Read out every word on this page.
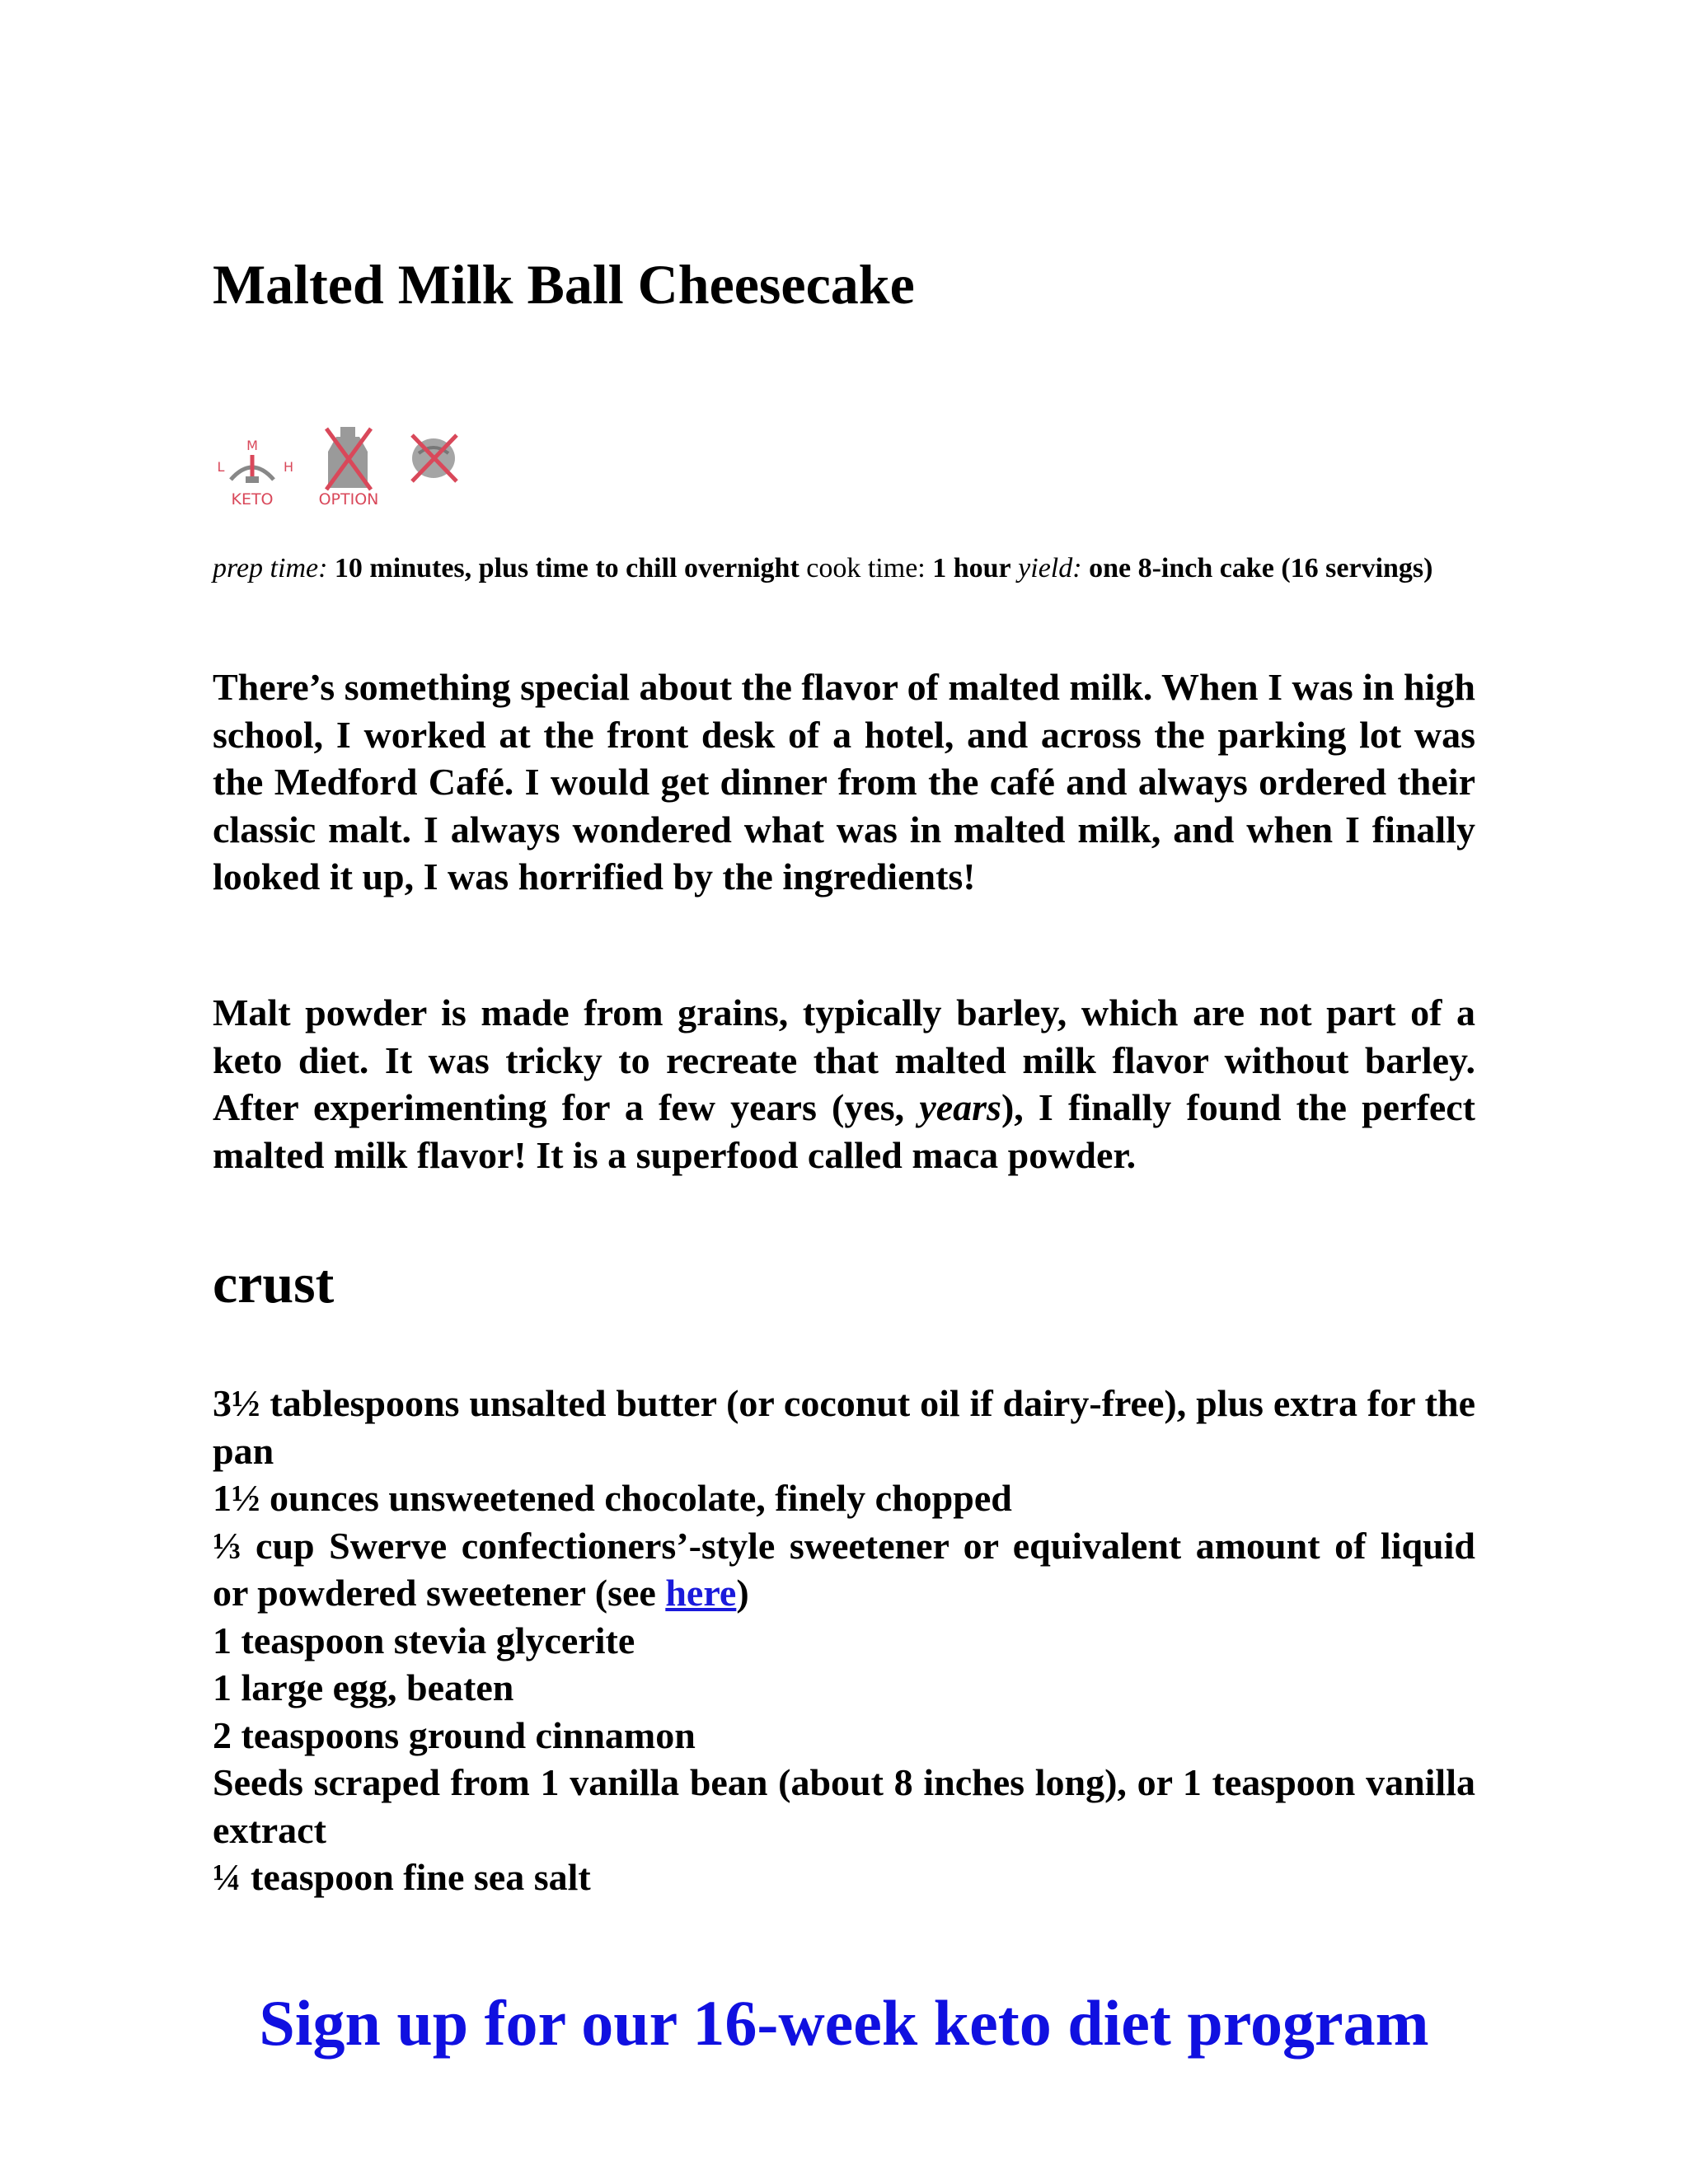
Malted Milk Ball Cheesecake
M
L	H
KETO	OPTION
prep time: 10 minutes, plus time to chill overnight cook time: 1 hour yield: one 8-inch cake (16 servings)

There’s something special about the flavor of malted milk. When I was in high school, I worked at the front desk of a hotel, and across the parking lot was the Medford Café. I would get dinner from the café and always ordered their classic malt. I always wondered what was in malted milk, and when I finally looked it up, I was horrified by the ingredients!

Malt powder is made from grains, typically barley, which are not part of a keto diet. It was tricky to recreate that malted milk flavor without barley. After experimenting for a few years (yes, years), I finally found the perfect malted milk flavor! It is a superfood called maca powder.

crust
3½ tablespoons unsalted butter (or coconut oil if dairy-free), plus extra for the pan
1½ ounces unsweetened chocolate, finely chopped
⅓ cup Swerve confectioners’-style sweetener or equivalent amount of liquid or powdered sweetener (see here)
1 teaspoon stevia glycerite
1 large egg, beaten
2 teaspoons ground cinnamon
Seeds scraped from 1 vanilla bean (about 8 inches long), or 1 teaspoon vanilla extract
¼ teaspoon fine sea salt
Sign up for our 16-week keto diet program
